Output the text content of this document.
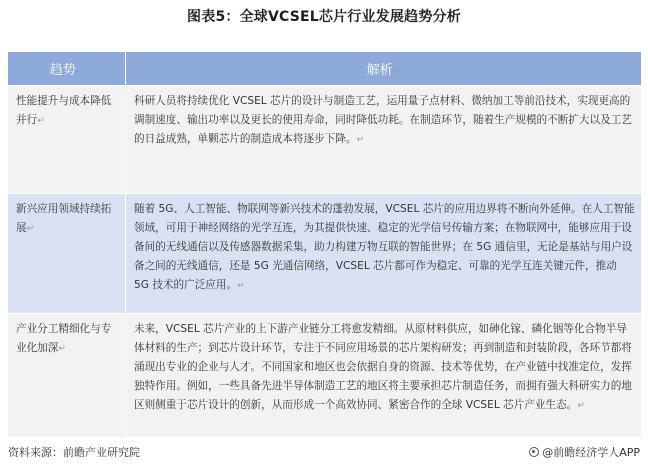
图表5：全球VCSEL芯片行业发展趋势分析
趋势↵	解析↵
性能提升与成本降低并行↵	科研人员将持续优化 VCSEL 芯片的设计与制造工艺，运用量子点材料、微纳加工等前沿技术，实现更高的调制速度、输出功率以及更长的使用寿命，同时降低功耗。在制造环节，随着生产规模的不断扩大以及工艺的日益成熟，单颗芯片的制造成本将逐步下降。↵
新兴应用领域持续拓展↵	随着 5G、人工智能、物联网等新兴技术的蓬勃发展，VCSEL 芯片的应用边界将不断向外延伸。在人工智能领域，可用于神经网络的光学互连，为其提供快速、稳定的光学信号传输方案；在物联网中，能够应用于设备间的无线通信以及传感器数据采集，助力构建万物互联的智能世界；在 5G 通信里，无论是基站与用户设备之间的无线通信，还是 5G 光通信网络，VCSEL 芯片都可作为稳定、可靠的光学互连关键元件，推动 5G 技术的广泛应用。↵
产业分工精细化与专业化加深↵	未来，VCSEL 芯片产业的上下游产业链分工将愈发精细。从原材料供应，如砷化镓、磷化铟等化合物半导体材料的生产；到芯片设计环节，专注于不同应用场景的芯片架构研发；再到制造和封装阶段，各环节都将涌现出专业的企业与人才。不同国家和地区也会依据自身的资源、技术等优势，在产业链中找准定位，发挥独特作用。例如，一些具备先进半导体制造工艺的地区将主要承担芯片制造任务，而拥有强大科研实力的地区则侧重于芯片设计的创新，从而形成一个高效协同、紧密合作的全球 VCSEL 芯片产业生态。↵
资料来源：前瞻产业研究院	@前瞻经济学人APP
